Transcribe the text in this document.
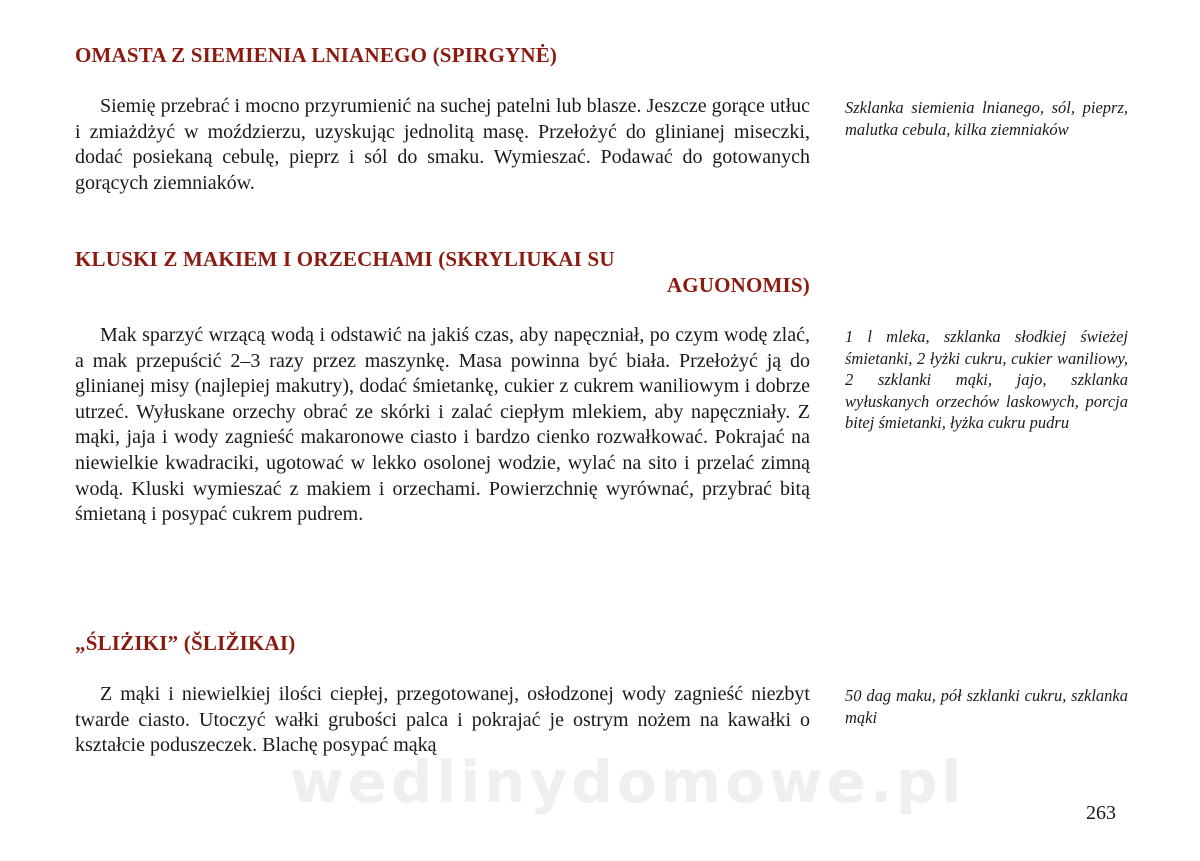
OMASTA Z SIEMIENIA LNIANEGO (SPIRGYNĖ)

Siemię przebrać i mocno przyrumienić na suchej patelni lub blasze. Jeszcze gorące utłuc i zmiażdżyć w moździerzu, uzyskując jednolitą masę. Przełożyć do glinianej miseczki, dodać posiekaną cebulę, pieprz i sól do smaku. Wymieszać. Podawać do gotowanych gorących ziemniaków.

Szklanka siemienia lnianego, sól, pieprz, malutka cebula, kilka ziemniaków

KLUSKI Z MAKIEM I ORZECHAMI (SKRYLIUKAI SU
AGUONOMIS)

Mak sparzyć wrzącą wodą i odstawić na jakiś czas, aby napęczniał, po czym wodę zlać, a mak przepuścić 2–3 razy przez maszynkę. Masa powinna być biała. Przełożyć ją do glinianej misy (najlepiej makutry), dodać śmietankę, cukier z cukrem waniliowym i dobrze utrzeć. Wyłuskane orzechy obrać ze skórki i zalać ciepłym mlekiem, aby napęczniały. Z mąki, jaja i wody zagnieść makaronowe ciasto i bardzo cienko rozwałkować. Pokrajać na niewielkie kwadraciki, ugotować w lekko osolonej wodzie, wylać na sito i przelać zimną wodą. Kluski wymieszać z makiem i orzechami. Powierzchnię wyrównać, przybrać bitą śmietaną i posypać cukrem pudrem.

1 l mleka, szklanka słodkiej świeżej śmietanki, 2 łyżki cukru, cukier waniliowy, 2 szklanki mąki, jajo, szklanka wyłuskanych orzechów laskowych, porcja bitej śmietanki, łyżka cukru pudru

„ŚLIŻIKI” (ŠLIŽIKAI)

Z mąki i niewielkiej ilości ciepłej, przegotowanej, osłodzonej wody zagnieść niezbyt twarde ciasto. Utoczyć wałki grubości palca i pokrajać je ostrym nożem na kawałki o kształcie poduszeczek. Blachę posypać mąką

50 dag maku, pół szklanki cukru, szklanka mąki

wedlinydomowe.pl	263
